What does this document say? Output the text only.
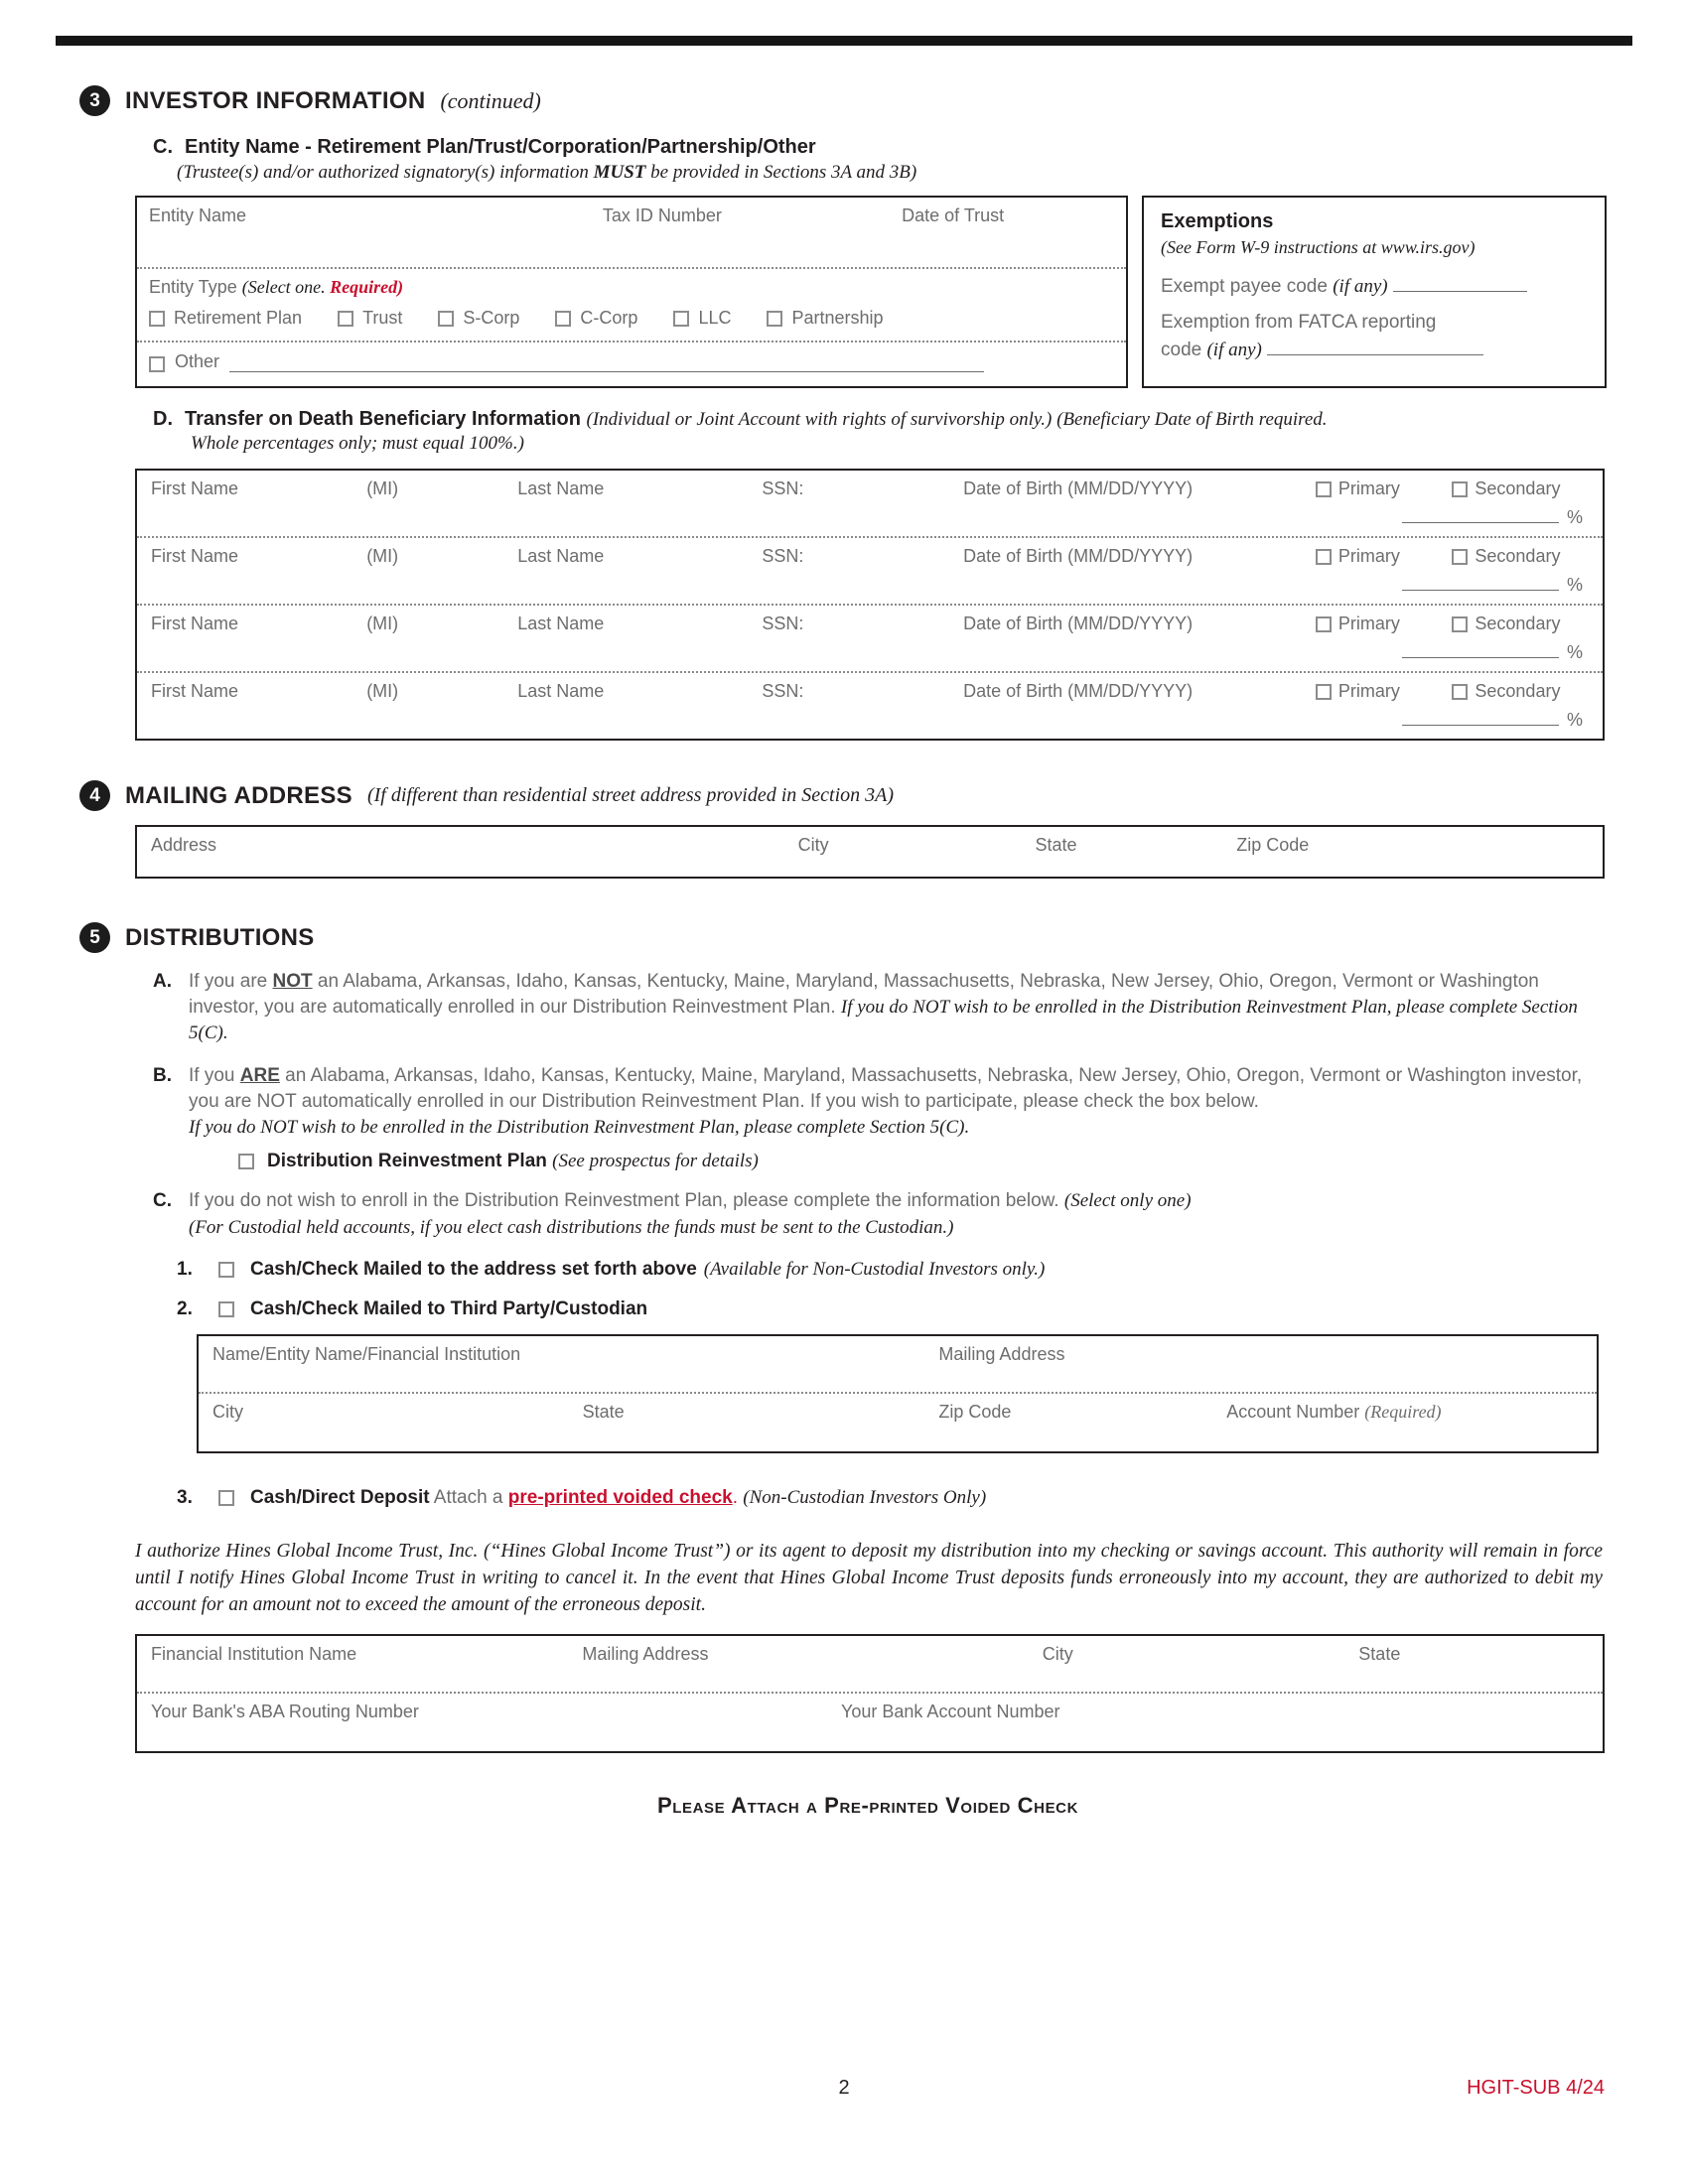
3	INVESTOR INFORMATION (continued)
C. Entity Name - Retirement Plan/Trust/Corporation/Partnership/Other
(Trustee(s) and/or authorized signatory(s) information MUST be provided in Sections 3A and 3B)
Entity Name	Tax ID Number	Date of Trust
Entity Type (Select one. Required)
Retirement Plan	Trust	S-Corp	C-Corp	LLC	Partnership
Other
Exemptions
(See Form W-9 instructions at www.irs.gov)
Exempt payee code (if any)
Exemption from FATCA reporting
code (if any)
D. Transfer on Death Beneficiary Information (Individual or Joint Account with rights of survivorship only.) (Beneficiary Date of Birth required.
Whole percentages only; must equal 100%.)
First Name	(MI)	Last Name	SSN:	Date of Birth (MM/DD/YYYY)	Primary	Secondary
%
First Name	(MI)	Last Name	SSN:	Date of Birth (MM/DD/YYYY)	Primary	Secondary
%
First Name	(MI)	Last Name	SSN:	Date of Birth (MM/DD/YYYY)	Primary	Secondary
%
First Name	(MI)	Last Name	SSN:	Date of Birth (MM/DD/YYYY)	Primary	Secondary
%
4	MAILING ADDRESS (If different than residential street address provided in Section 3A)
Address	City	State	Zip Code
5	DISTRIBUTIONS
A. If you are NOT an Alabama, Arkansas, Idaho, Kansas, Kentucky, Maine, Maryland, Massachusetts, Nebraska, New Jersey, Ohio, Oregon, Vermont or Washington investor, you are automatically enrolled in our Distribution Reinvestment Plan. If you do NOT wish to be enrolled in the Distribution Reinvestment Plan, please complete Section 5(C).
B. If you ARE an Alabama, Arkansas, Idaho, Kansas, Kentucky, Maine, Maryland, Massachusetts, Nebraska, New Jersey, Ohio, Oregon, Vermont or Washington investor, you are NOT automatically enrolled in our Distribution Reinvestment Plan. If you wish to participate, please check the box below.
If you do NOT wish to be enrolled in the Distribution Reinvestment Plan, please complete Section 5(C).
Distribution Reinvestment Plan (See prospectus for details)
C. If you do not wish to enroll in the Distribution Reinvestment Plan, please complete the information below. (Select only one)
(For Custodial held accounts, if you elect cash distributions the funds must be sent to the Custodian.)
1.	Cash/Check Mailed to the address set forth above (Available for Non-Custodial Investors only.)
2.	Cash/Check Mailed to Third Party/Custodian
Name/Entity Name/Financial Institution	Mailing Address
City	State	Zip Code	Account Number (Required)
3.	Cash/Direct Deposit Attach a pre-printed voided check. (Non-Custodian Investors Only)
I authorize Hines Global Income Trust, Inc. (“Hines Global Income Trust”) or its agent to deposit my distribution into my checking or savings account. This authority will remain in force until I notify Hines Global Income Trust in writing to cancel it. In the event that Hines Global Income Trust deposits funds erroneously into my account, they are authorized to debit my account for an amount not to exceed the amount of the erroneous deposit.
Financial Institution Name	Mailing Address	City	State
Your Bank's ABA Routing Number	Your Bank Account Number
Please Attach a Pre-printed Voided Check
2	HGIT-SUB 4/24
